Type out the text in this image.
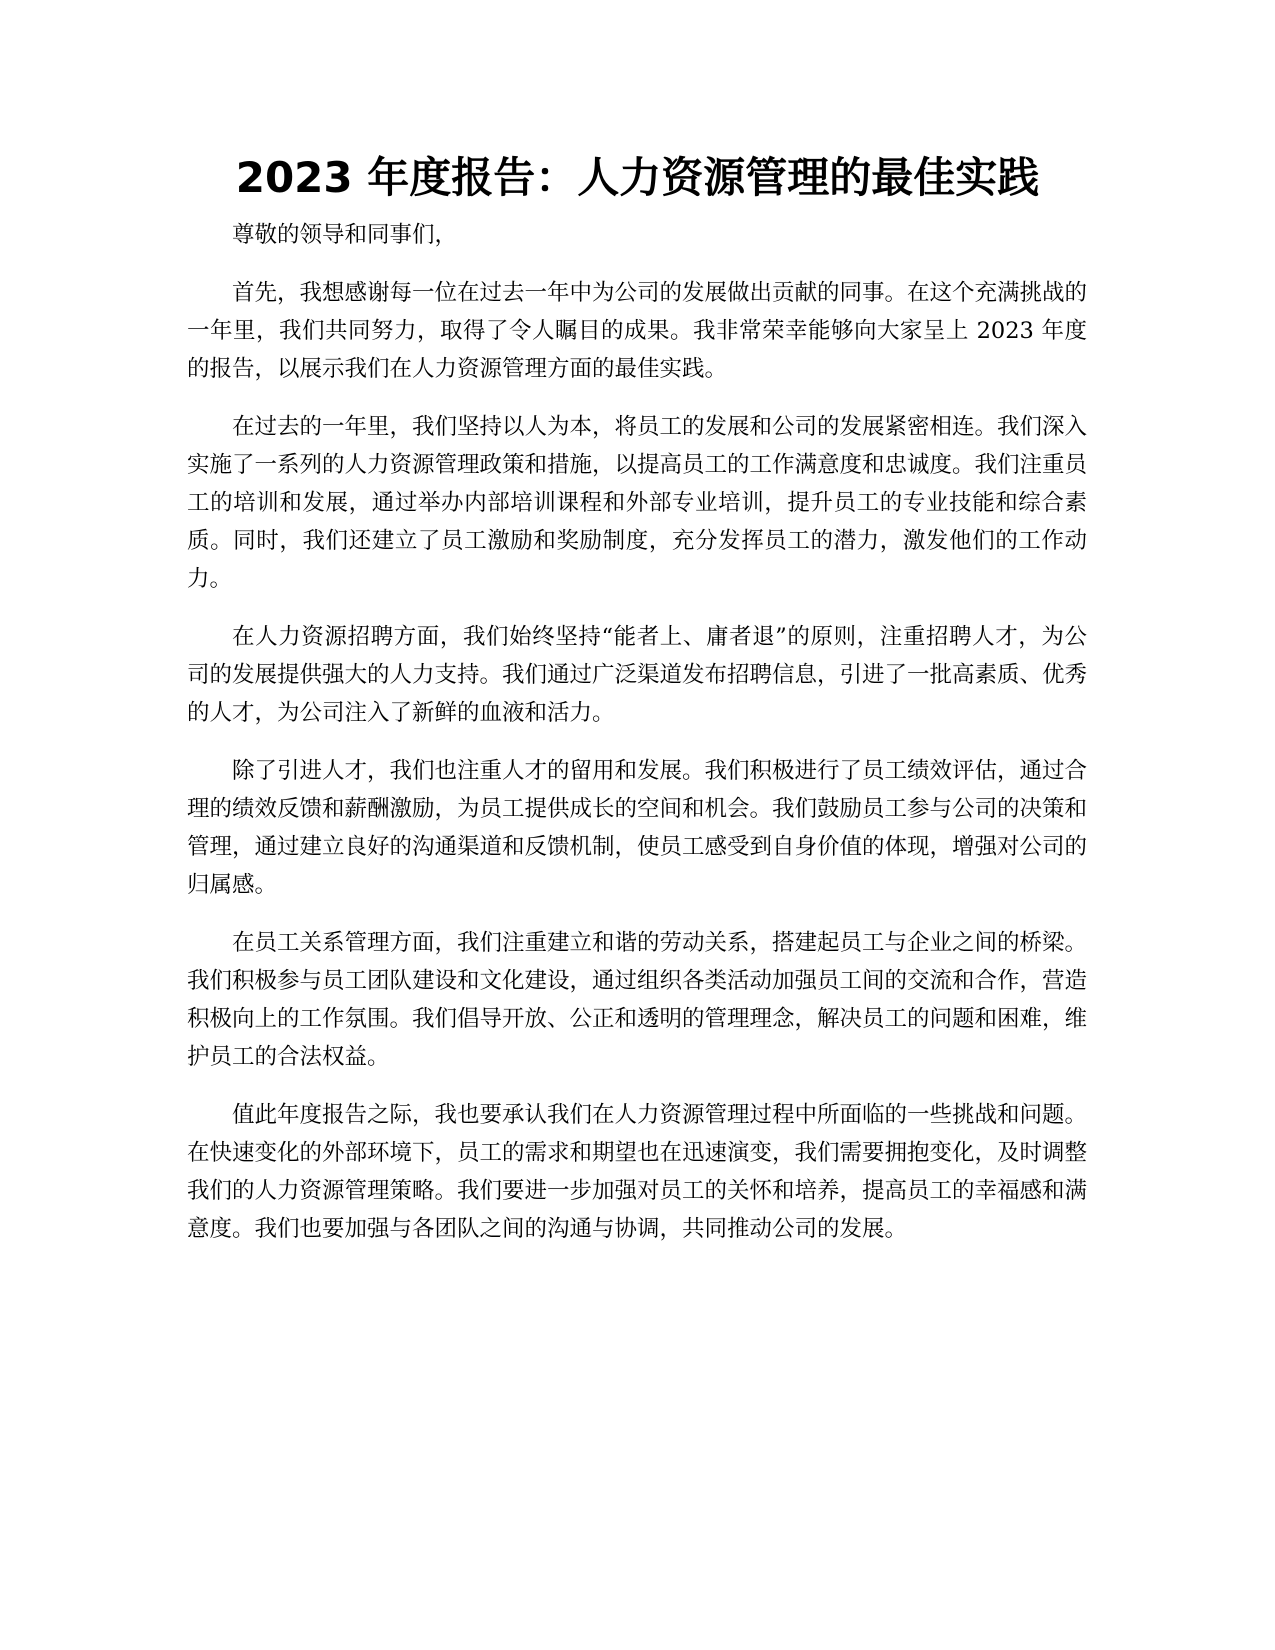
2023 年度报告：人力资源管理的最佳实践

尊敬的领导和同事们，

首先，我想感谢每一位在过去一年中为公司的发展做出贡献的同事。在这个充满挑战的一年里，我们共同努力，取得了令人瞩目的成果。我非常荣幸能够向大家呈上 2023 年度的报告，以展示我们在人力资源管理方面的最佳实践。

在过去的一年里，我们坚持以人为本，将员工的发展和公司的发展紧密相连。我们深入实施了一系列的人力资源管理政策和措施，以提高员工的工作满意度和忠诚度。我们注重员工的培训和发展，通过举办内部培训课程和外部专业培训，提升员工的专业技能和综合素质。同时，我们还建立了员工激励和奖励制度，充分发挥员工的潜力，激发他们的工作动力。

在人力资源招聘方面，我们始终坚持“能者上、庸者退”的原则，注重招聘人才，为公司的发展提供强大的人力支持。我们通过广泛渠道发布招聘信息，引进了一批高素质、优秀的人才，为公司注入了新鲜的血液和活力。

除了引进人才，我们也注重人才的留用和发展。我们积极进行了员工绩效评估，通过合理的绩效反馈和薪酬激励，为员工提供成长的空间和机会。我们鼓励员工参与公司的决策和管理，通过建立良好的沟通渠道和反馈机制，使员工感受到自身价值的体现，增强对公司的归属感。

在员工关系管理方面，我们注重建立和谐的劳动关系，搭建起员工与企业之间的桥梁。我们积极参与员工团队建设和文化建设，通过组织各类活动加强员工间的交流和合作，营造积极向上的工作氛围。我们倡导开放、公正和透明的管理理念，解决员工的问题和困难，维护员工的合法权益。

值此年度报告之际，我也要承认我们在人力资源管理过程中所面临的一些挑战和问题。在快速变化的外部环境下，员工的需求和期望也在迅速演变，我们需要拥抱变化，及时调整我们的人力资源管理策略。我们要进一步加强对员工的关怀和培养，提高员工的幸福感和满意度。我们也要加强与各团队之间的沟通与协调，共同推动公司的发展。
